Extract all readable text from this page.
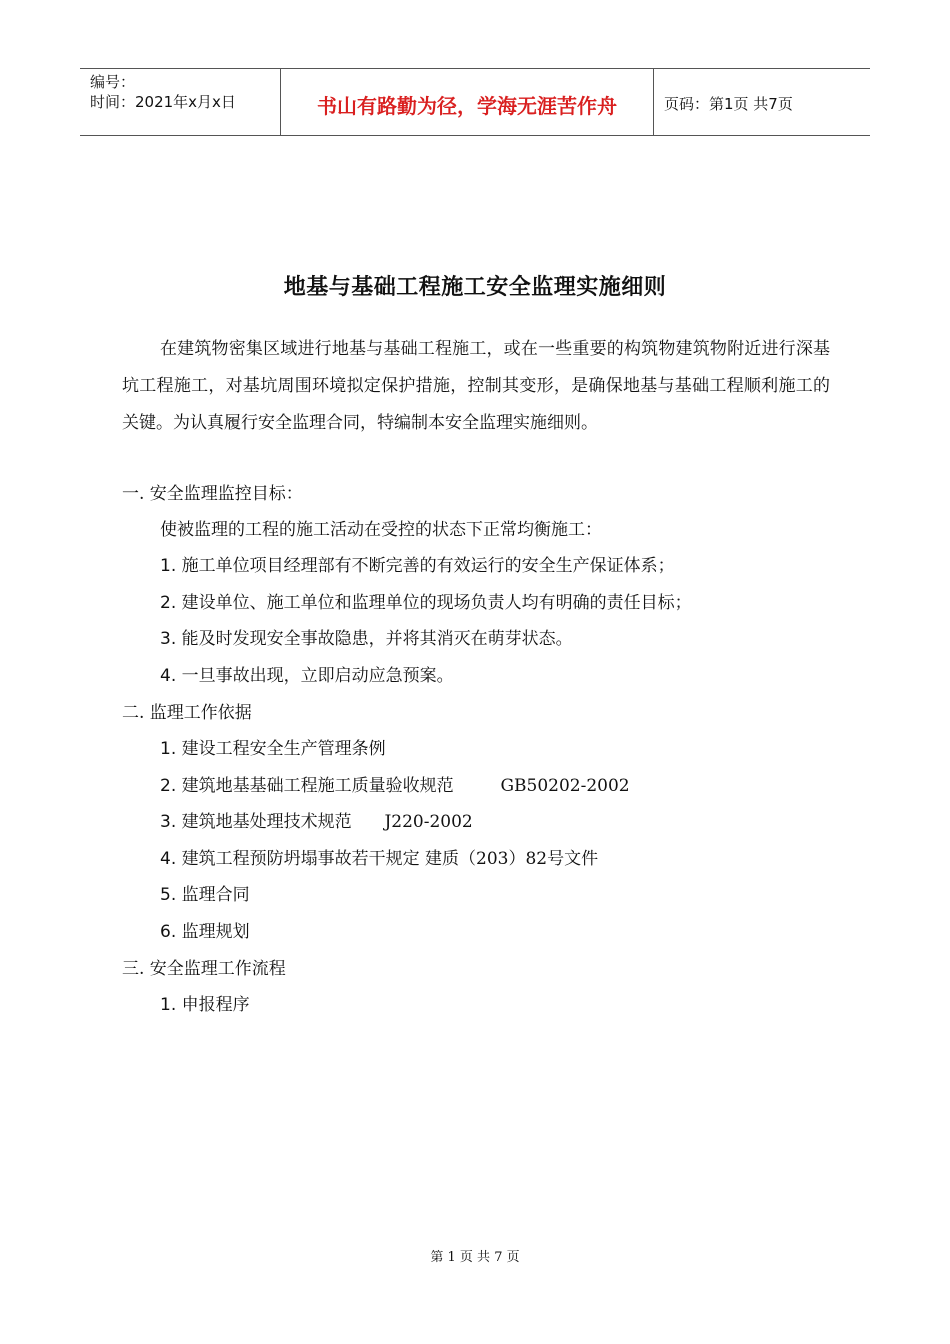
编号：
时间：2021年x月x日	书山有路勤为径，学海无涯苦作舟	页码：第1页 共7页
地基与基础工程施工安全监理实施细则

在建筑物密集区域进行地基与基础工程施工，或在一些重要的构筑物建筑物附近进行深基坑工程施工，对基坑周围环境拟定保护措施，控制其变形，是确保地基与基础工程顺利施工的关键。为认真履行安全监理合同，特编制本安全监理实施细则。

一. 安全监理监控目标：
使被监理的工程的施工活动在受控的状态下正常均衡施工：
1. 施工单位项目经理部有不断完善的有效运行的安全生产保证体系；
2. 建设单位、施工单位和监理单位的现场负责人均有明确的责任目标；
3. 能及时发现安全事故隐患，并将其消灭在萌芽状态。
4. 一旦事故出现，立即启动应急预案。
二. 监理工作依据
1. 建设工程安全生产管理条例
2. 建筑地基基础工程施工质量验收规范	GB50202-2002
3. 建筑地基处理技术规范 J220-2002
4. 建筑工程预防坍塌事故若干规定 建质（203）82号文件
5. 监理合同
6. 监理规划
三. 安全监理工作流程
1. 申报程序
第 1 页 共 7 页
